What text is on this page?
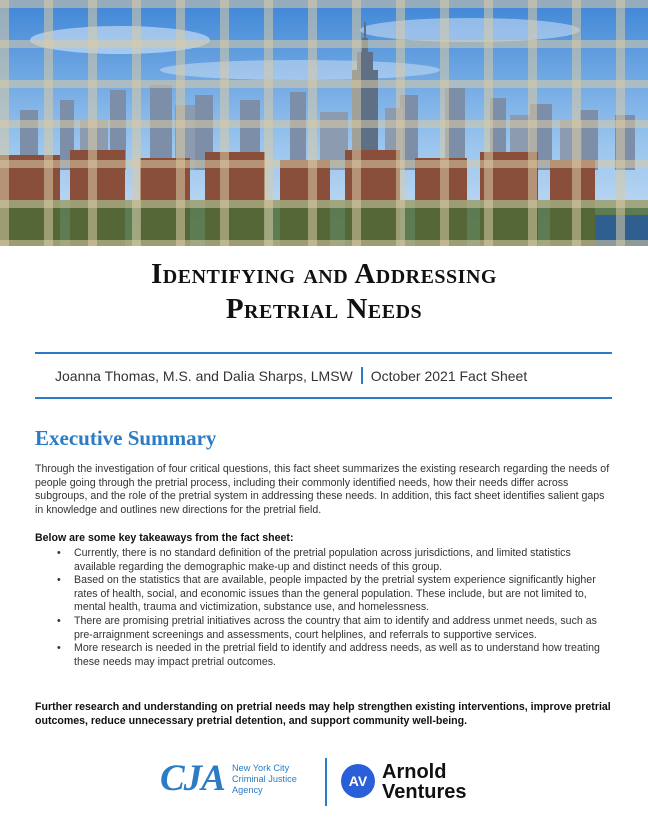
Identifying and Addressing
Pretrial Needs
Joanna Thomas, M.S. and Dalia Sharps, LMSW October 2021 Fact Sheet
Executive Summary
Through the investigation of four critical questions, this fact sheet summarizes the existing research regarding the needs of people going through the pretrial process, including their commonly identified needs, how their needs differ across subgroups, and the role of the pretrial system in addressing these needs. In addition, this fact sheet identifies salient gaps in knowledge and outlines new directions for the pretrial field.
Below are some key takeaways from the fact sheet:
• Currently, there is no standard definition of the pretrial population across jurisdictions, and limited statistics available regarding the demographic make-up and distinct needs of this group.
• Based on the statistics that are available, people impacted by the pretrial system experience significantly higher rates of health, social, and economic issues than the general population. These include, but are not limited to, mental health, trauma and victimization, substance use, and homelessness.
• There are promising pretrial initiatives across the country that aim to identify and address unmet needs, such as pre-arraignment screenings and assessments, court helplines, and referrals to supportive services.
• More research is needed in the pretrial field to identify and address needs, as well as to understand how treating these needs may impact pretrial outcomes.
Further research and understanding on pretrial needs may help strengthen existing interventions, improve pretrial outcomes, reduce unnecessary pretrial detention, and support community well-being.
CJA New York City
Criminal Justice
Agency
AV Arnold
Ventures
